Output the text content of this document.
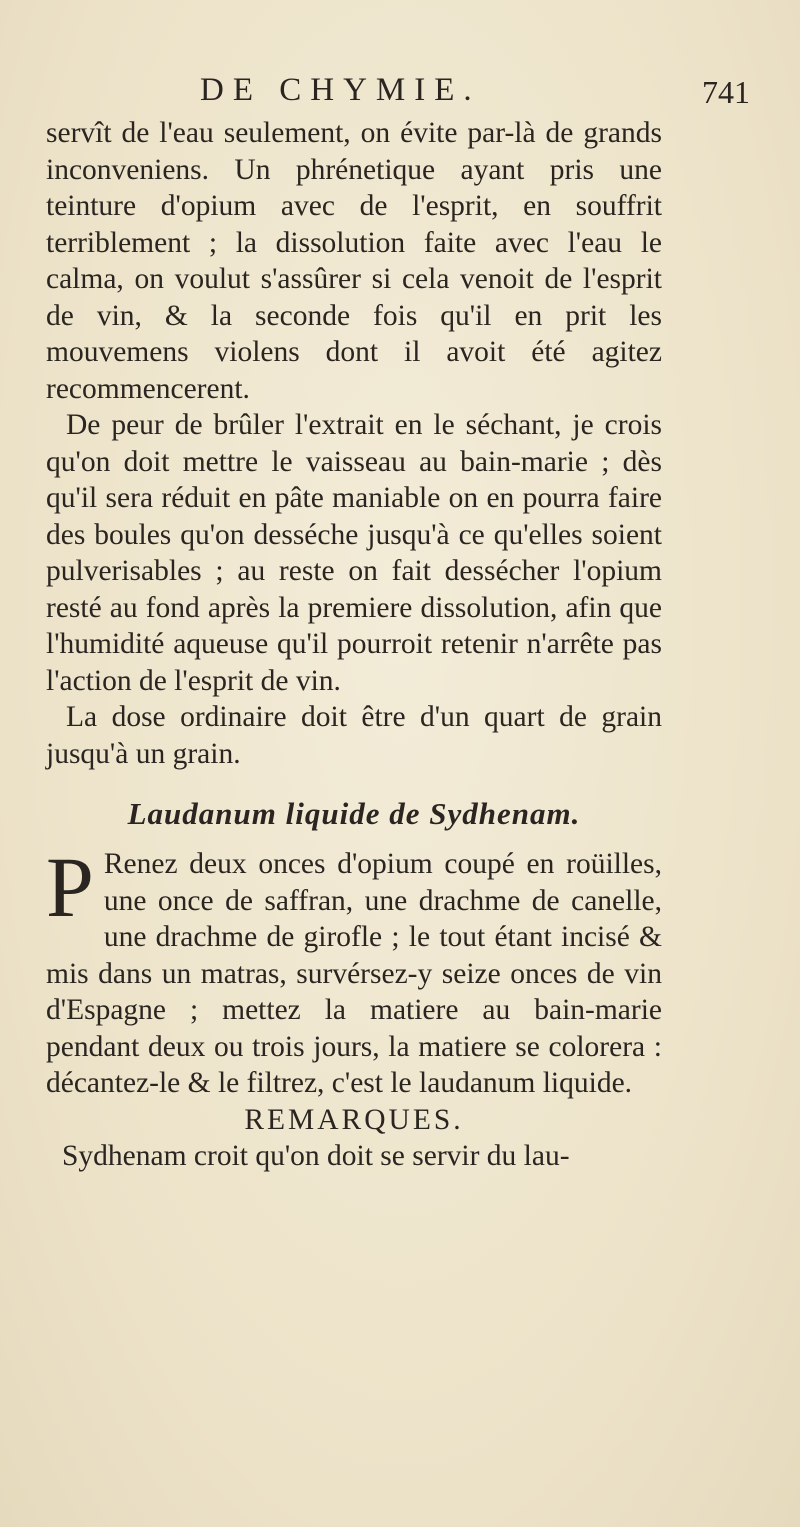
DE CHYMIE.	741

servît de l'eau seulement, on évite par-là de grands inconveniens. Un phrénetique ayant pris une teinture d'opium avec de l'esprit, en souffrit terriblement ; la dissolution faite avec l'eau le calma, on voulut s'assûrer si cela venoit de l'esprit de vin, & la seconde fois qu'il en prit les mouvemens violens dont il avoit été agitez recommencerent.

De peur de brûler l'extrait en le séchant, je crois qu'on doit mettre le vaisseau au bain-marie ; dès qu'il sera réduit en pâte maniable on en pourra faire des boules qu'on desséche jusqu'à ce qu'elles soient pulverisables ; au reste on fait dessécher l'opium resté au fond après la premiere dissolution, afin que l'humidité aqueuse qu'il pourroit retenir n'arrête pas l'action de l'esprit de vin.

La dose ordinaire doit être d'un quart de grain jusqu'à un grain.

Laudanum liquide de Sydhenam.

P Renez deux onces d'opium coupé en roüilles, une once de saffran, une drachme de canelle, une drachme de girofle ; le tout étant incisé & mis dans un matras, survérsez-y seize onces de vin d'Espagne ; mettez la matiere au bain-marie pendant deux ou trois jours, la matiere se colorera : décantez-le & le filtrez, c'est le laudanum liquide.

REMARQUES.

Sydhenam croit qu'on doit se servir du lau-
